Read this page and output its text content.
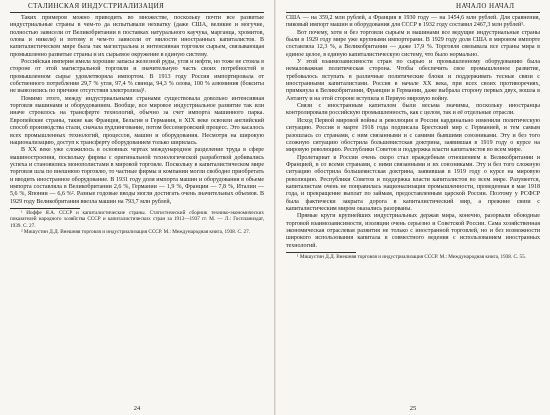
СТАЛИНСКАЯ ИНДУСТРИАЛИЗАЦИЯ

Таких примеров можно приводить во множестве, поскольку почти все развитые индустриальные страны в чем-то да испытывали нехватку (даже США, великие и могучие, полностью зависели от Великобритании в поставках натурального каучука, марганца, хромитов, олова и никеля) и потому в чем-то зависели от милости иностранных капиталистов. В капиталистическом мире была так магистральна и интенсивная торговля сырьем, связывающая промышленно развитые страны и их сырьевое окружение в единую систему.

Российская империя имела хорошие запасы железной руды, угля и нефти, но тоже не стояла в стороне от этой магистральной торговли и значительную часть своих потребностей в промышленном сырье удовлетворяла импортом. В 1913 году Россия импортировала от собственного потребления 29,7 % угля, 97,4 % свинца, 94,3 % олова, 100 % алюминия (бокситы не вывозились по причине отсутствия электролиза)¹.

Помимо этого, между индустриальными странами существовала довольно интенсивная торговля машинами и оборудованием. Вообще, все мировое индустриальное развитие так или иначе строилось на трансферте технологий, обычно за счет импорта машинного парка. Европейские страны, такие как Франция, Бельгия и Германия, в XIX веке освоили английский способ производства стали, сначала пудлингование, потом бессемеровский процесс. Это касалось всех промышленных технологий, процессов, машин и оборудования. Несмотря на широкую национализацию, доступ к трансферту оборудованием только ширилась.

В XX веке уже сложилось в основных чертах международное разделение труда в сфере машиностроения, поскольку фирмы с оригинальной технологической разработкой добивались успеха и становились монополистами в мировой торговле. Поскольку в капиталистическом мире торговля шла по внешнюю торговлю, то частные фирмы и компании могли свободно приобретать и вводить иностранное оборудование. В 1931 году доля импорта машин и оборудования в объеме импорта составляла в Великобритании 2,6 %, Германии — 1,9 %, Франции — 7,8 %, Италии — 5,6 %, Японии — 6,6 %². Разные годовые вводы могли достигать очень значительных объемов. В 1929 году Великобритания ввезла машин на 793,7 млн рублей,

¹ Иоффе Я.А. СССР и капиталистические страны. Статистический сборник технико-экономических показателей народного хозяйства СССР и капиталистических стран за 1913—1937 гг. М. — Л.: Госпланиздат, 1939. С. 27.

² Мишустин Д.Д. Внешняя торговля и индустриализация СССР. М.: Международная книга, 1938. С. 27.

24
НАЧАЛО НАЧАЛ

США — на 359,2 млн рублей, а Франция в 1930 году — на 1454,6 млн рублей. Для сравнения, пиковый импорт машин и оборудования для СССР в 1932 году составил 2467,3 млн рублей¹.

Вот почему, хотя и без торговли сырьем и машинами все ведущие индустриальные страны были в 1929 году мире уже крупными импортерами. В 1929 году доля США в мировом импорте составляла 12,3 %, а Великобритании — даже 17,9 %. Торговля связывала все страны мира в единое целое, в единую капиталистическую систему, что было нормально.

У этой взаимозависимости стран по сырью и промышленному оборудованию была немаловажная политическая сторона. Чтобы обеспечить свое промышленное развитие, требовалось вступать в различные политические блоки и поддерживать тесные связи с иностранными капиталистами. Россия в начале XX века, при всех своих противоречиях, примкнула к Великобритании, Франции и Германии, даже выбрала сторону первых двух, вошла в Антанту и на этой стороне вступила в Первую мировую войну.

Связи с иностранным капиталом были весьма значимы, поскольку иностранцы контролировали российскую промышленность, как с целом, так и её отдельные отрасли.

Исход Первой мировой войны и революция в России кардинально изменили политическую ситуацию. Россия в марте 1918 года подписала Брестский мир с Германией, и тем самым разошлась со странами, с ним связанными и с самими бывшими союзниками. Эту и без того сложную ситуацию обострила большевистская доктрина, заявившая в 1919 году о курсе на мировую революцию. Республики Советов и поддержка власти капиталистов во всем мире.

Пролетариат в России очень скоро стал враждебным отношением к Великобритании и Францией, в со всеми странами, с ними связанными и их союзниками. Эту и без того сложную ситуацию обострила большевистская доктрина, заявившая в 1919 году о курсе на мировую революцию. Республики Советов и поддержка власти капиталистов во всем мире. Разумеется, капиталистам очень не понравилась национализация промышленности, проведенная в мае 1918 года, и прекращение выплат по займам, предоставленным царской России. Поэтому у РСФСР была фактически закрыта дорога в капиталистический мир, а прежние связи с капиталистическим миром оказались разорваны.

Прямые круги крупнейших индустриальных держав мира, конечно, разорвали обоюдные торговой взаимозависимости, изоляции очень серьезно и Советской России. Сама хозяйственная экономическая отраслевая развития не только с иностранной торговлей, но и без возможности широкого использования капитала в совместного ведения с использованием иностранных технологий.

¹ Мишустин Д.Д. Внешняя торговля и индустриализация СССР. М.: Международная книга, 1938. С. 55.

25
